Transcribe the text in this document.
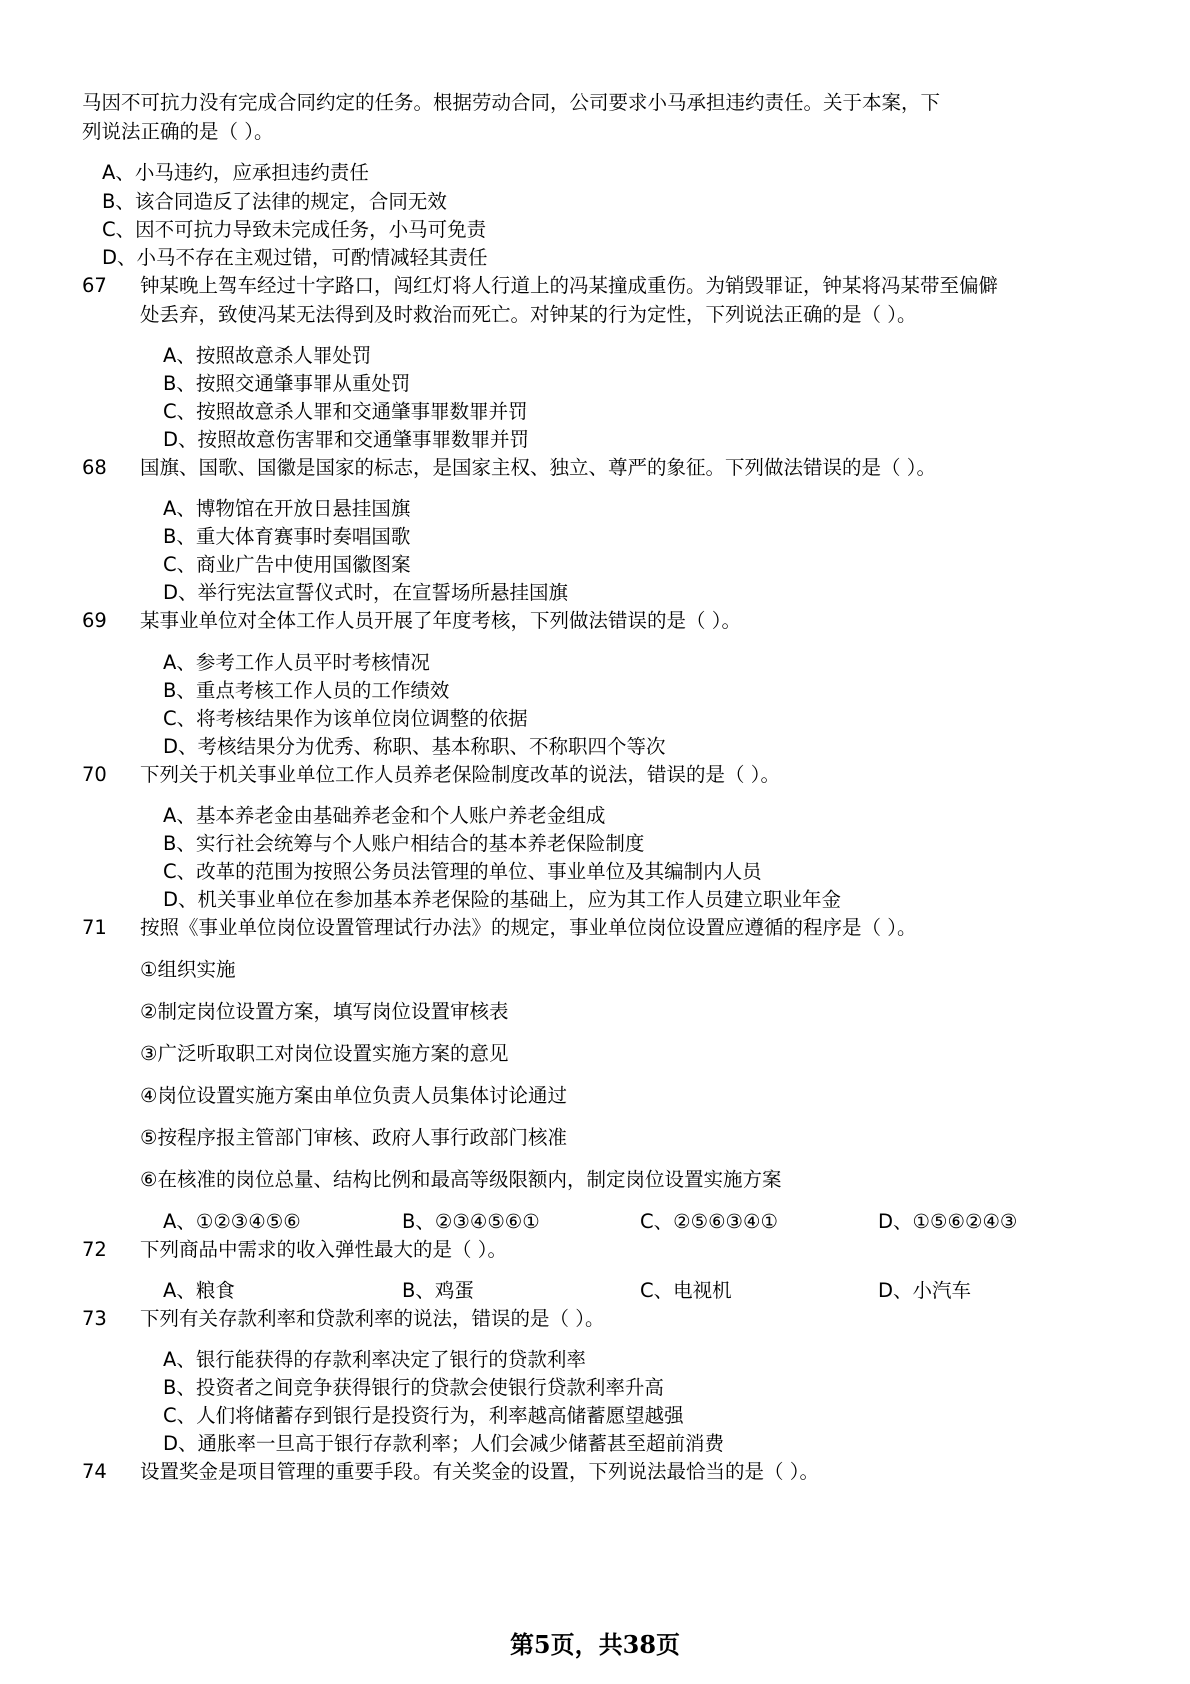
马因不可抗力没有完成合同约定的任务。根据劳动合同，公司要求小马承担违约责任。关于本案，下
列说法正确的是（ ）。
A、小马违约，应承担违约责任
B、该合同造反了法律的规定，合同无效
C、因不可抗力导致未完成任务，小马可免责
D、小马不存在主观过错，可酌情减轻其责任
67 钟某晚上驾车经过十字路口，闯红灯将人行道上的冯某撞成重伤。为销毁罪证，钟某将冯某带至偏僻
处丢弃，致使冯某无法得到及时救治而死亡。对钟某的行为定性，下列说法正确的是（ ）。
A、按照故意杀人罪处罚
B、按照交通肇事罪从重处罚
C、按照故意杀人罪和交通肇事罪数罪并罚
D、按照故意伤害罪和交通肇事罪数罪并罚
68 国旗、国歌、国徽是国家的标志，是国家主权、独立、尊严的象征。下列做法错误的是（ ）。
A、博物馆在开放日悬挂国旗
B、重大体育赛事时奏唱国歌
C、商业广告中使用国徽图案
D、举行宪法宣誓仪式时，在宣誓场所悬挂国旗
69 某事业单位对全体工作人员开展了年度考核，下列做法错误的是（ ）。
A、参考工作人员平时考核情况
B、重点考核工作人员的工作绩效
C、将考核结果作为该单位岗位调整的依据
D、考核结果分为优秀、称职、基本称职、不称职四个等次
70 下列关于机关事业单位工作人员养老保险制度改革的说法，错误的是（ ）。
A、基本养老金由基础养老金和个人账户养老金组成
B、实行社会统筹与个人账户相结合的基本养老保险制度
C、改革的范围为按照公务员法管理的单位、事业单位及其编制内人员
D、机关事业单位在参加基本养老保险的基础上，应为其工作人员建立职业年金
71 按照《事业单位岗位设置管理试行办法》的规定，事业单位岗位设置应遵循的程序是（ ）。
①组织实施
②制定岗位设置方案，填写岗位设置审核表
③广泛听取职工对岗位设置实施方案的意见
④岗位设置实施方案由单位负责人员集体讨论通过
⑤按程序报主管部门审核、政府人事行政部门核准
⑥在核准的岗位总量、结构比例和最高等级限额内，制定岗位设置实施方案
A、①②③④⑤⑥	B、②③④⑤⑥①	C、②⑤⑥③④①	D、①⑤⑥②④③
72 下列商品中需求的收入弹性最大的是（ ）。
A、粮食	B、鸡蛋	C、电视机	D、小汽车
73 下列有关存款利率和贷款利率的说法，错误的是（ ）。
A、银行能获得的存款利率决定了银行的贷款利率
B、投资者之间竞争获得银行的贷款会使银行贷款利率升高
C、人们将储蓄存到银行是投资行为，利率越高储蓄愿望越强
D、通胀率一旦高于银行存款利率；人们会减少储蓄甚至超前消费
74 设置奖金是项目管理的重要手段。有关奖金的设置，下列说法最恰当的是（ ）。
第5页，共38页
